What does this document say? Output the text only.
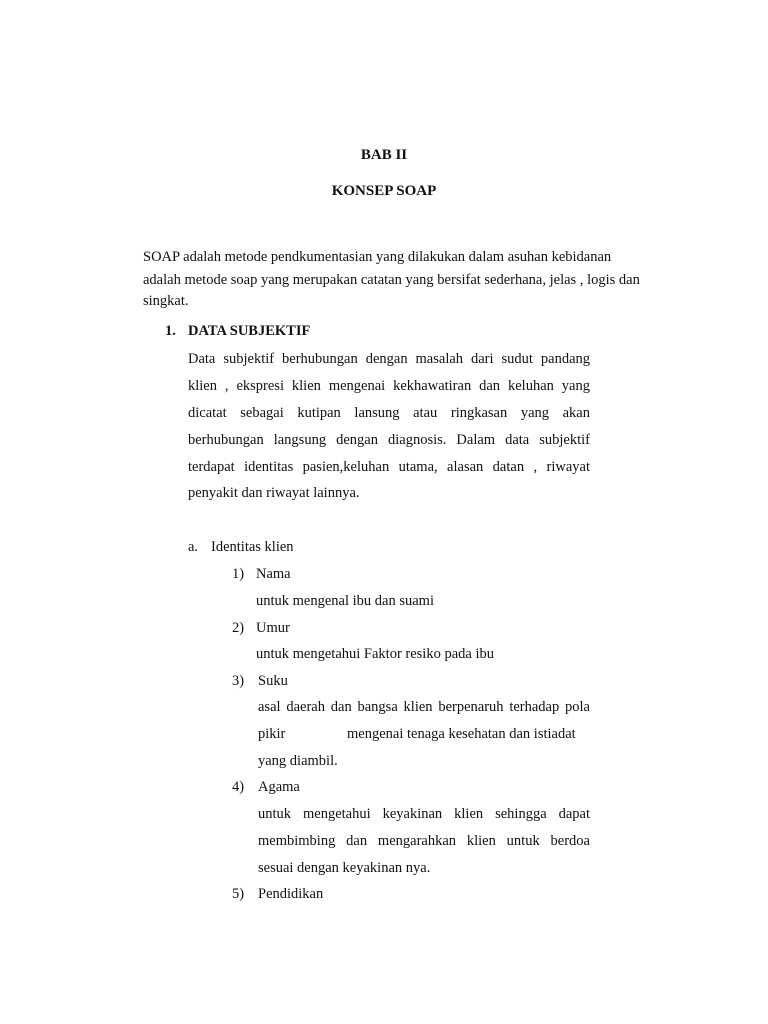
BAB II
KONSEP SOAP
SOAP adalah metode pendkumentasian yang dilakukan dalam asuhan kebidanan
adalah metode soap yang merupakan catatan yang bersifat sederhana, jelas , logis dan
singkat.
1. DATA SUBJEKTIF
Data subjektif berhubungan dengan masalah dari sudut pandang
klien , ekspresi klien mengenai kekhawatiran dan keluhan yang
dicatat sebagai kutipan lansung atau ringkasan yang akan
berhubungan langsung dengan diagnosis. Dalam data subjektif
terdapat identitas pasien,keluhan utama, alasan datan , riwayat
penyakit dan riwayat lainnya.
a. Identitas klien
1) Nama
untuk mengenal ibu dan suami
2) Umur
untuk mengetahui Faktor resiko pada ibu
3) Suku
asal daerah dan bangsa klien berpenaruh terhadap pola
pikir	mengenai tenaga kesehatan dan istiadat
yang diambil.
4) Agama
untuk mengetahui keyakinan klien sehingga dapat
membimbing dan mengarahkan klien untuk berdoa
sesuai dengan keyakinan nya.
5) Pendidikan
